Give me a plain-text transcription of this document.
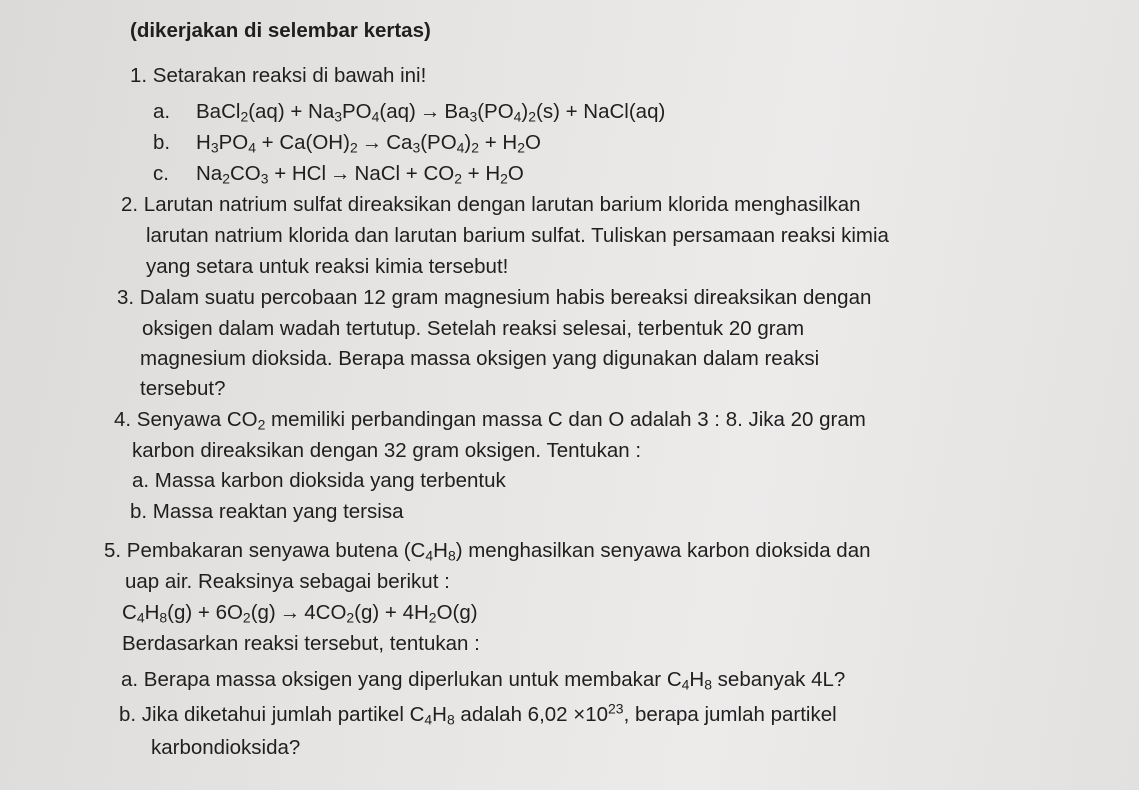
(dikerjakan di selembar kertas)
1. Setarakan reaksi di bawah ini!
a. BaCl$_2$(aq) + $Na_3PO_4(aq) \to Ba_3(PO_4)_2(s)$ + NaCl(aq)
b. $H_3PO_4 + Ca(OH)_2 \to Ca_3(PO_4)_2 + H_2O$
c. $Na_2CO_3$ + HCl → NaCl + $CO_2 + H_2O$
2. Larutan natrium sulfat direaksikan dengan larutan barium klorida menghasilkan
larutan natrium klorida dan larutan barium sulfat. Tuliskan persamaan reaksi kimia
yang setara untuk reaksi kimia tersebut!
3. Dalam suatu percobaan 12 gram magnesium habis bereaksi direaksikan dengan
oksigen dalam wadah tertutup. Setelah reaksi selesai, terbentuk 20 gram
magnesium dioksida. Berapa massa oksigen yang digunakan dalam reaksi
tersebut?
4. Senyawa $CO_2$ memiliki perbandingan massa C dan O adalah 3 : 8. Jika 20 gram
karbon direaksikan dengan 32 gram oksigen. Tentukan :
a. Massa karbon dioksida yang terbentuk
b. Massa reaktan yang tersisa
5. Pembakaran senyawa butena $(C_4H_8)$ menghasilkan senyawa karbon dioksida dan
uap air. Reaksinya sebagai berikut :
$C_4H_8(g) + 6O_2(g) \to 4CO_2(g) + 4H_2O(g)$
Berdasarkan reaksi tersebut, tentukan :
a. Berapa massa oksigen yang diperlukan untuk membakar $C_4H_8$ sebanyak 4L?
b. Jika diketahui jumlah partikel $C_4H_8$ adalah $6,02 \times 10^{23}$, berapa jumlah partikel
karbondioksida?
